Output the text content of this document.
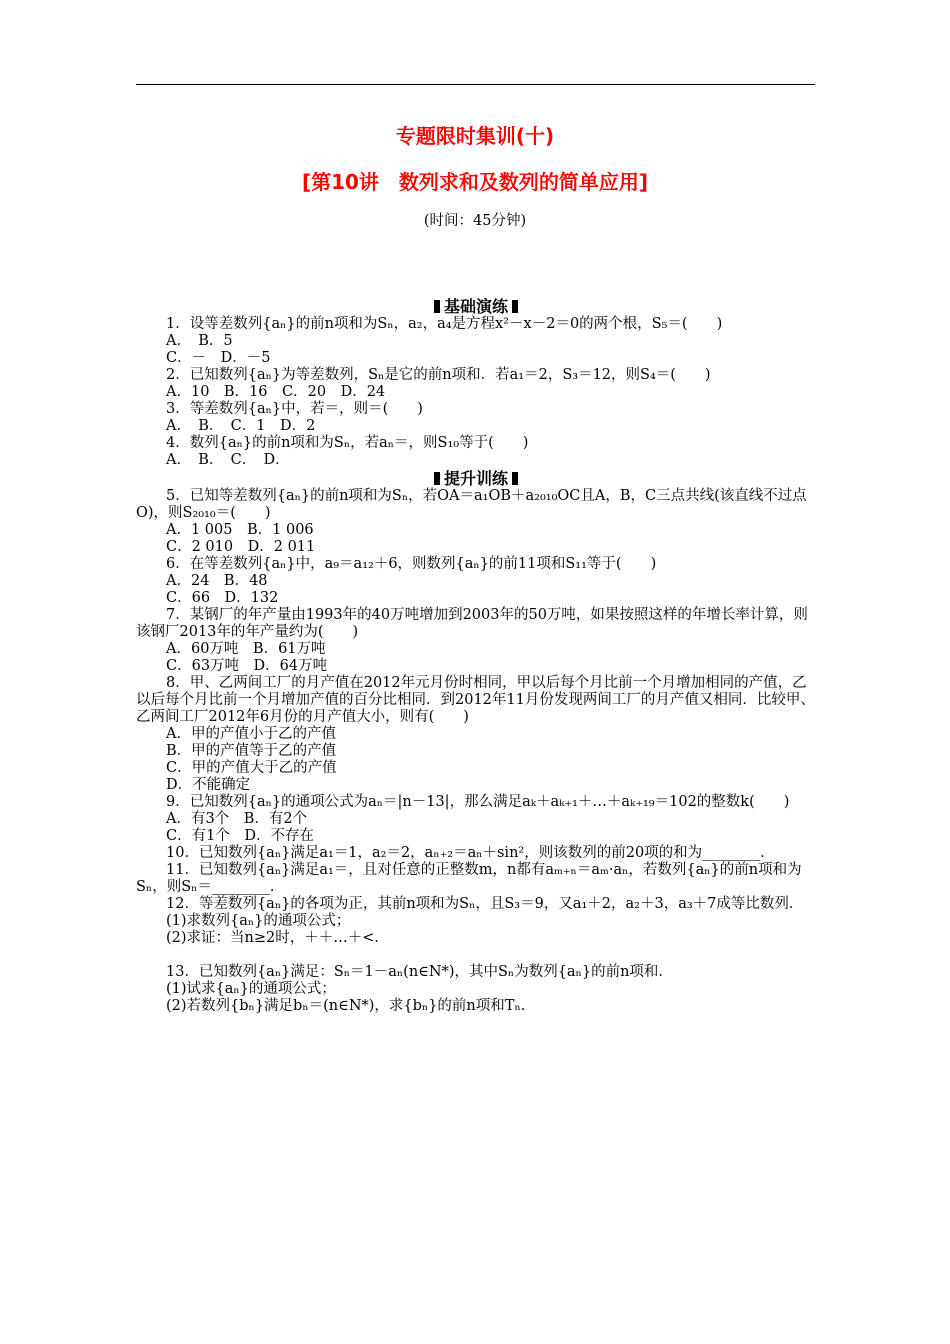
专题限时集训(十)
[第10讲　数列求和及数列的简单应用]
(时间：45分钟)
基础演练

1．设等差数列{aₙ}的前n项和为Sₙ，a₂，a₄是方程x²－x－2＝0的两个根，S₅＝(　　)

A．　B．5

C．－　D．－5

2．已知数列{aₙ}为等差数列，Sₙ是它的前n项和．若a₁＝2，S₃＝12，则S₄＝(　　)

A．10　B．16　C．20　D．24

3．等差数列{aₙ}中，若＝，则＝(　　)

A．　B．　C．1　D．2

4．数列{aₙ}的前n项和为Sₙ，若aₙ＝，则S₁₀等于(　　)

A．　B．　C．　D．

提升训练

5．已知等差数列{aₙ}的前n项和为Sₙ，若OA＝a₁OB＋a₂₀₁₀OC且A，B，C三点共线(该直线不过点O)，则S₂₀₁₀＝(　　)

A．1 005　B．1 006

C．2 010　D．2 011

6．在等差数列{aₙ}中，a₉＝a₁₂＋6，则数列{aₙ}的前11项和S₁₁等于(　　)

A．24　B．48

C．66　D．132

7．某钢厂的年产量由1993年的40万吨增加到2003年的50万吨，如果按照这样的年增长率计算，则该钢厂2013年的年产量约为(　　)

A．60万吨　B．61万吨

C．63万吨　D．64万吨

8．甲、乙两间工厂的月产值在2012年元月份时相同，甲以后每个月比前一个月增加相同的产值，乙以后每个月比前一个月增加产值的百分比相同．到2012年11月份发现两间工厂的月产值又相同．比较甲、乙两间工厂2012年6月份的月产值大小，则有(　　)

A．甲的产值小于乙的产值

B．甲的产值等于乙的产值

C．甲的产值大于乙的产值

D．不能确定

9．已知数列{aₙ}的通项公式为aₙ＝|n－13|，那么满足aₖ＋aₖ₊₁＋…＋aₖ₊₁₉＝102的整数k(　　)

A．有3个　B．有2个

C．有1个　D．不存在

10．已知数列{aₙ}满足a₁＝1，a₂＝2，aₙ₊₂＝aₙ＋sin²，则该数列的前20项的和为________．

11．已知数列{aₙ}满足a₁＝，且对任意的正整数m，n都有aₘ₊ₙ＝aₘ·aₙ，若数列{aₙ}的前n项和为Sₙ，则Sₙ＝________．

12．等差数列{aₙ}的各项为正，其前n项和为Sₙ，且S₃＝9，又a₁＋2，a₂＋3，a₃＋7成等比数列．

(1)求数列{aₙ}的通项公式；

(2)求证：当n≥2时，＋＋…＋<．

13．已知数列{aₙ}满足：Sₙ＝1－aₙ(n∈N*)，其中Sₙ为数列{aₙ}的前n项和．

(1)试求{aₙ}的通项公式；

(2)若数列{bₙ}满足bₙ＝(n∈N*)，求{bₙ}的前n项和Tₙ.
